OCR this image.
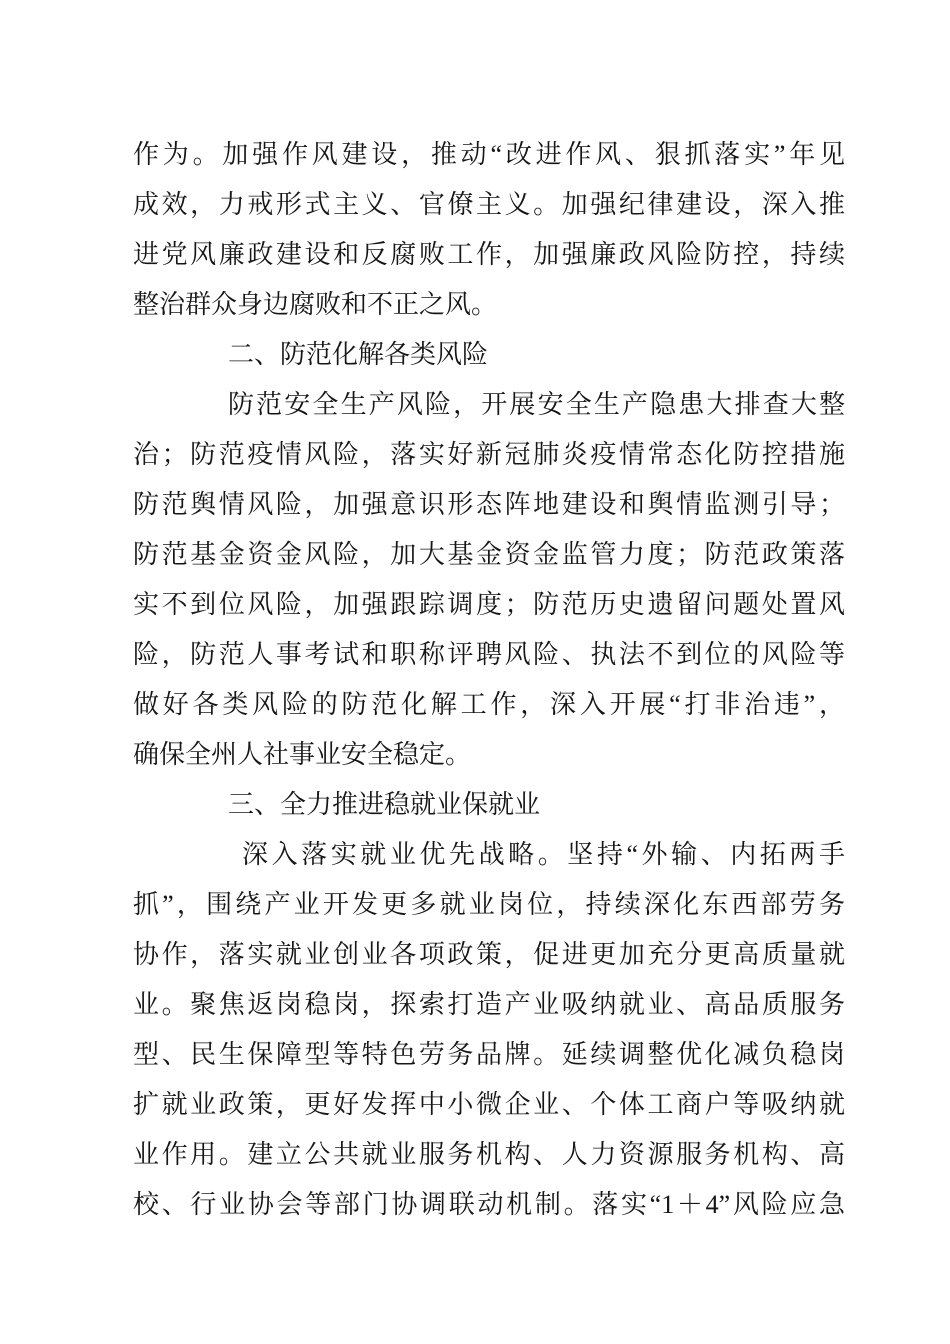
作为。加强作风建设，推动“改进作风、狠抓落实”年见
成效，力戒形式主义、官僚主义。加强纪律建设，深入推
进党风廉政建设和反腐败工作，加强廉政风险防控，持续
整治群众身边腐败和不正之风。
二、防范化解各类风险
防范安全生产风险，开展安全生产隐患大排查大整
治；防范疫情风险，落实好新冠肺炎疫情常态化防控措施
防范舆情风险，加强意识形态阵地建设和舆情监测引导；
防范基金资金风险，加大基金资金监管力度；防范政策落
实不到位风险，加强跟踪调度；防范历史遗留问题处置风
险，防范人事考试和职称评聘风险、执法不到位的风险等
做好各类风险的防范化解工作，深入开展“打非治违”，
确保全州人社事业安全稳定。
三、全力推进稳就业保就业
深入落实就业优先战略。坚持“外输、内拓两手
抓”，围绕产业开发更多就业岗位，持续深化东西部劳务
协作，落实就业创业各项政策，促进更加充分更高质量就
业。聚焦返岗稳岗，探索打造产业吸纳就业、高品质服务
型、民生保障型等特色劳务品牌。延续调整优化减负稳岗
扩就业政策，更好发挥中小微企业、个体工商户等吸纳就
业作用。建立公共就业服务机构、人力资源服务机构、高
校、行业协会等部门协调联动机制。落实“1＋4”风险应急
